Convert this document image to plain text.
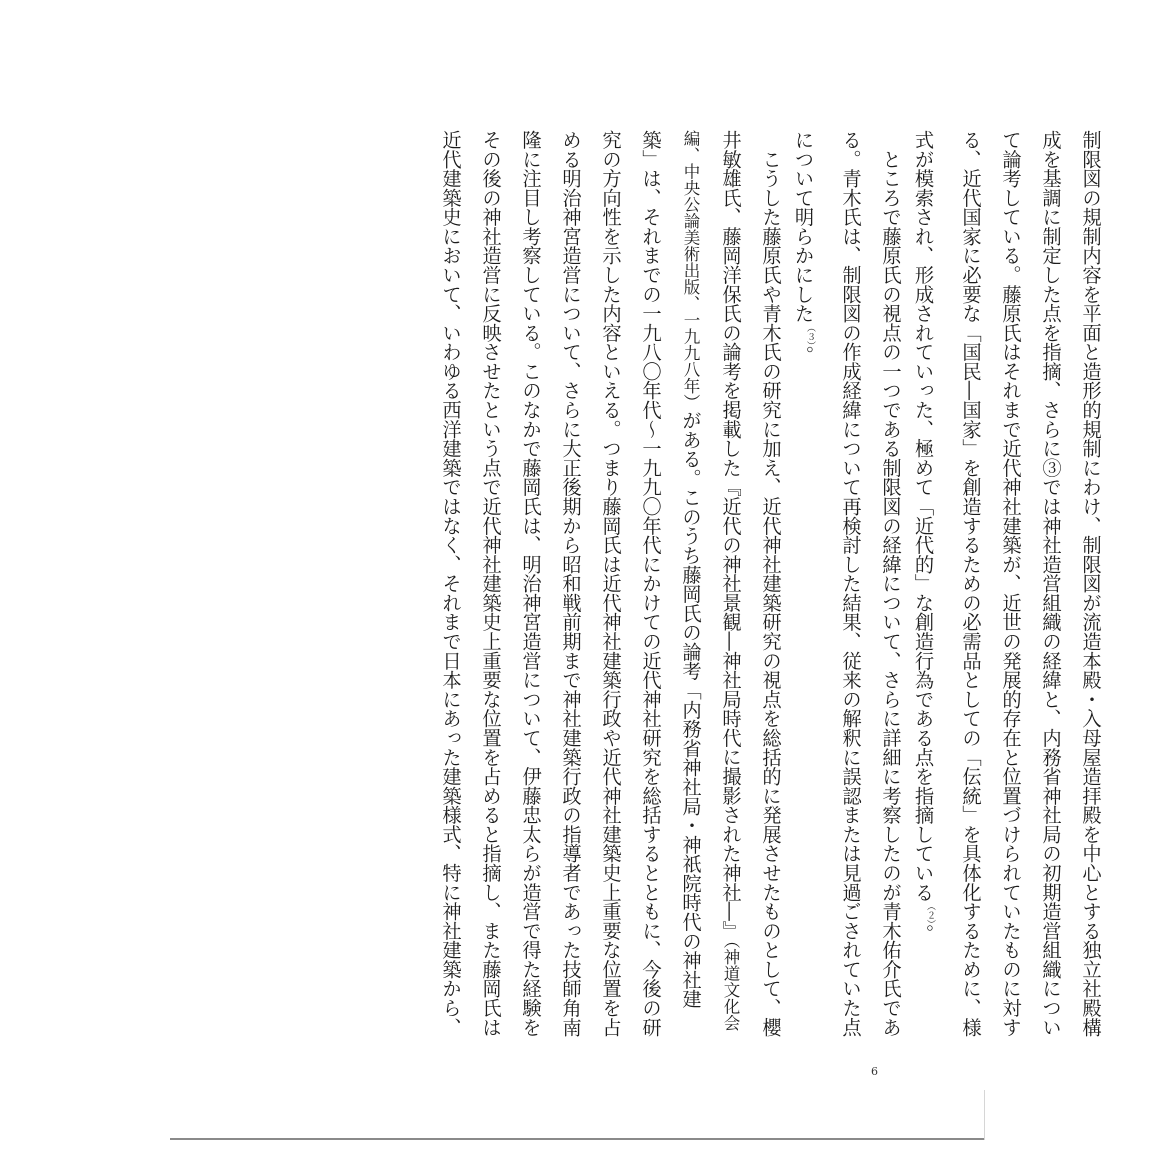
制限図の規制内容を平面と造形的規制にわけ、制限図が流造本殿・入母屋造拝殿を中心とする独立社殿構
成を基調に制定した点を指摘、さらに③では神社造営組織の経緯と、内務省神社局の初期造営組織につい
て論考している。藤原氏はそれまで近代神社建築が、近世の発展的存在と位置づけられていたものに対す
る、近代国家に必要な「国民―国家」を創造するための必需品としての「伝統」を具体化するために、様
式が模索され、形成されていった、極めて「近代的」な創造行為である点を指摘している$^{(2)}$。
　ところで藤原氏の視点の一つである制限図の経緯について、さらに詳細に考察したのが青木佑介氏であ
る。青木氏は、制限図の作成経緯について再検討した結果、従来の解釈に誤認または見過ごされていた点
について明らかにした$^{(3)}$。
　こうした藤原氏や青木氏の研究に加え、近代神社建築研究の視点を総括的に発展させたものとして、櫻
井敏雄氏、藤岡洋保氏の論考を掲載した『近代の神社景観―神社局時代に撮影された神社―』（神道文化会
編、中央公論美術出版、一九九八年）がある。このうち藤岡氏の論考「内務省神社局・神祇院時代の神社建
築」は、それまでの一九八〇年代～一九九〇年代にかけての近代神社研究を総括するとともに、今後の研
究の方向性を示した内容といえる。つまり藤岡氏は近代神社建築行政や近代神社建築史上重要な位置を占
める明治神宮造営について、さらに大正後期から昭和戦前期まで神社建築行政の指導者であった技師角南
隆に注目し考察している。このなかで藤岡氏は、明治神宮造営について、伊藤忠太らが造営で得た経験を
その後の神社造営に反映させたという点で近代神社建築史上重要な位置を占めると指摘し、また藤岡氏は
近代建築史において、いわゆる西洋建築ではなく、それまで日本にあった建築様式、特に神社建築から、
6
